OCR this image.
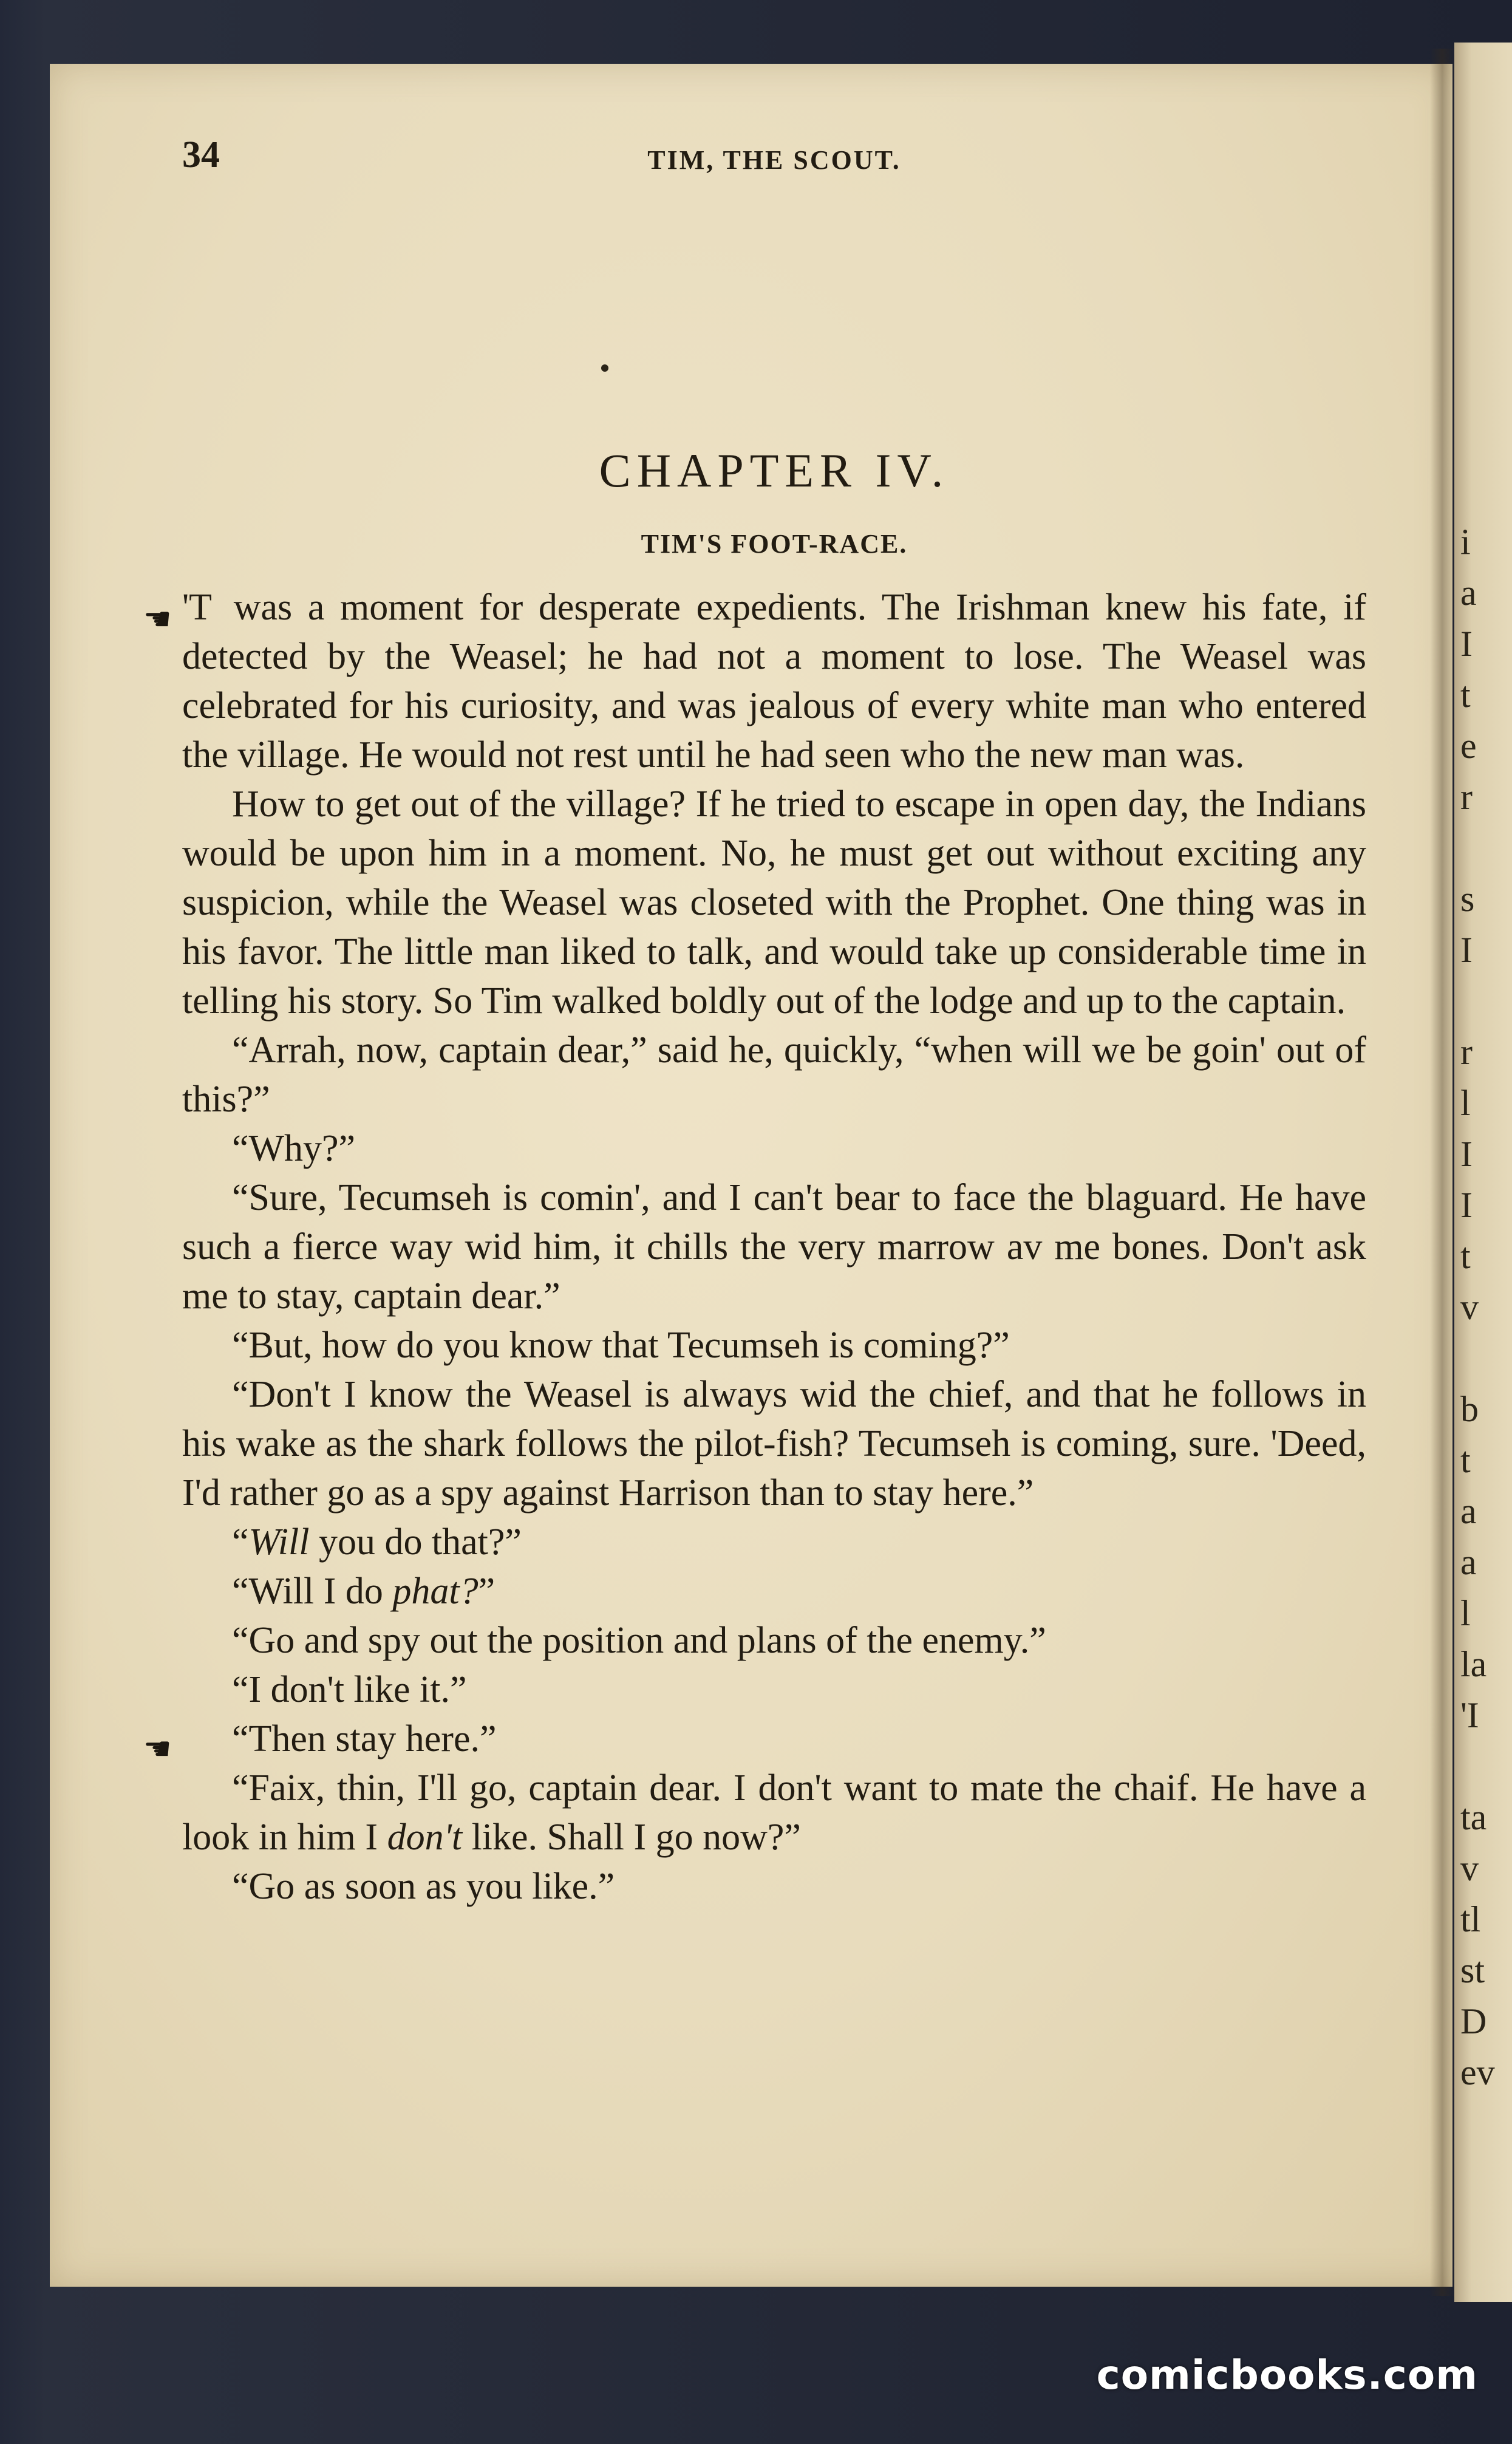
i
a
I
t
e
r

s
I

r
l
I
I
t
v

b
t
a
a
l
la
'I

ta
v
tl
st
D
ev
34	TIM, THE SCOUT.
CHAPTER IV.
TIM'S FOOT-RACE.
☚
☚

'T was a moment for desperate expedients. The Irishman knew his fate, if detected by the Weasel; he had not a moment to lose. The Weasel was celebrated for his curiosity, and was jealous of every white man who entered the village. He would not rest until he had seen who the new man was.

How to get out of the village? If he tried to escape in open day, the Indians would be upon him in a moment. No, he must get out without exciting any suspicion, while the Weasel was closeted with the Prophet. One thing was in his favor. The little man liked to talk, and would take up considerable time in telling his story. So Tim walked boldly out of the lodge and up to the captain.

“Arrah, now, captain dear,” said he, quickly, “when will we be goin' out of this?”

“Why?”

“Sure, Tecumseh is comin', and I can't bear to face the blaguard. He have such a fierce way wid him, it chills the very marrow av me bones. Don't ask me to stay, captain dear.”

“But, how do you know that Tecumseh is coming?”

“Don't I know the Weasel is always wid the chief, and that he follows in his wake as the shark follows the pilot-fish? Tecumseh is coming, sure. 'Deed, I'd rather go as a spy against Harrison than to stay here.”

“Will you do that?”

“Will I do phat?”

“Go and spy out the position and plans of the enemy.”

“I don't like it.”

“Then stay here.”

“Faix, thin, I'll go, captain dear. I don't want to mate the chaif. He have a look in him I don't like. Shall I go now?”

“Go as soon as you like.”

comicbooks.com
